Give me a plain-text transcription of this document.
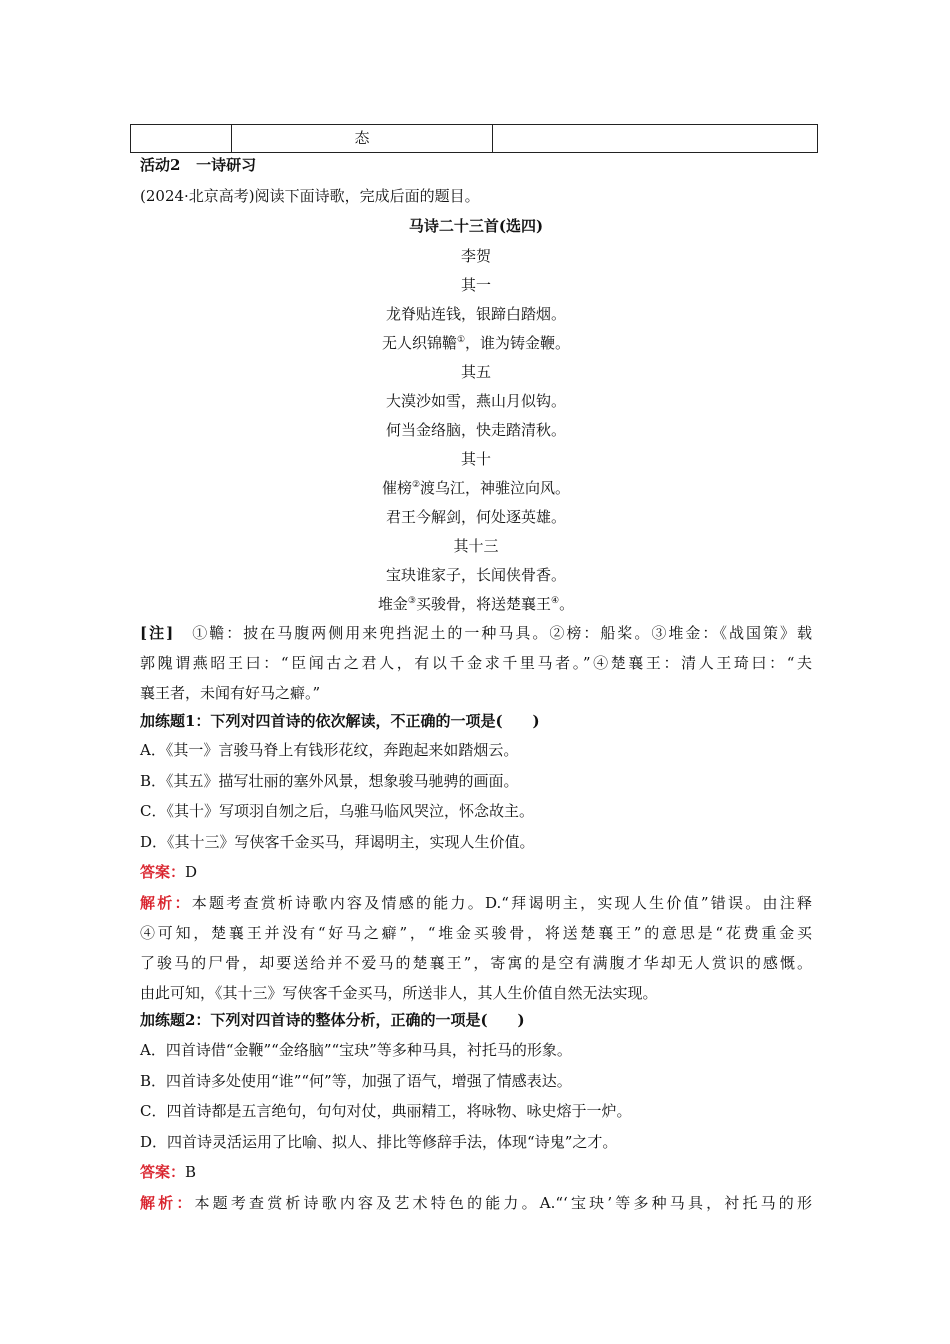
态
活动2 一诗研习
(2024·北京高考)阅读下面诗歌，完成后面的题目。
马诗二十三首(选四)
李贺
其一
龙脊贴连钱，银蹄白踏烟。
无人织锦韂①，谁为铸金鞭。
其五
大漠沙如雪，燕山月似钩。
何当金络脑，快走踏清秋。
其十
催榜②渡乌江，神骓泣向风。
君王今解剑，何处逐英雄。
其十三
宝玦谁家子，长闻侠骨香。
堆金③买骏骨，将送楚襄王④。
[注]　 ①韂：披在马腹两侧用来兜挡泥土的一种马具。②榜：船桨。③堆金：《战国策》载
郭隗谓燕昭王曰：“臣闻古之君人，有以千金求千里马者。”④楚襄王：清人王琦曰：“夫
襄王者，未闻有好马之癖。”
加练题1：下列对四首诗的依次解读，不正确的一项是(　　)
A．《其一》言骏马脊上有钱形花纹，奔跑起来如踏烟云。
B．《其五》描写壮丽的塞外风景，想象骏马驰骋的画面。
C．《其十》写项羽自刎之后，乌骓马临风哭泣，怀念故主。
D．《其十三》写侠客千金买马，拜谒明主，实现人生价值。
答案：D
解析：本题考查赏析诗歌内容及情感的能力。D.“拜谒明主，实现人生价值”错误。由注释
④可知，楚襄王并没有“好马之癖”，“堆金买骏骨，将送楚襄王”的意思是“花费重金买
了骏马的尸骨，却要送给并不爱马的楚襄王”，寄寓的是空有满腹才华却无人赏识的感慨。
由此可知，《其十三》写侠客千金买马，所送非人，其人生价值自然无法实现。
加练题2：下列对四首诗的整体分析，正确的一项是(　　)
A．四首诗借“金鞭”“金络脑”“宝玦”等多种马具，衬托马的形象。
B．四首诗多处使用“谁”“何”等，加强了语气，增强了情感表达。
C．四首诗都是五言绝句，句句对仗，典丽精工，将咏物、咏史熔于一炉。
D．四首诗灵活运用了比喻、拟人、排比等修辞手法，体现“诗鬼”之才。
答案：B
解析：本题考查赏析诗歌内容及艺术特色的能力。A.“‘宝玦’等多种马具，衬托马的形
